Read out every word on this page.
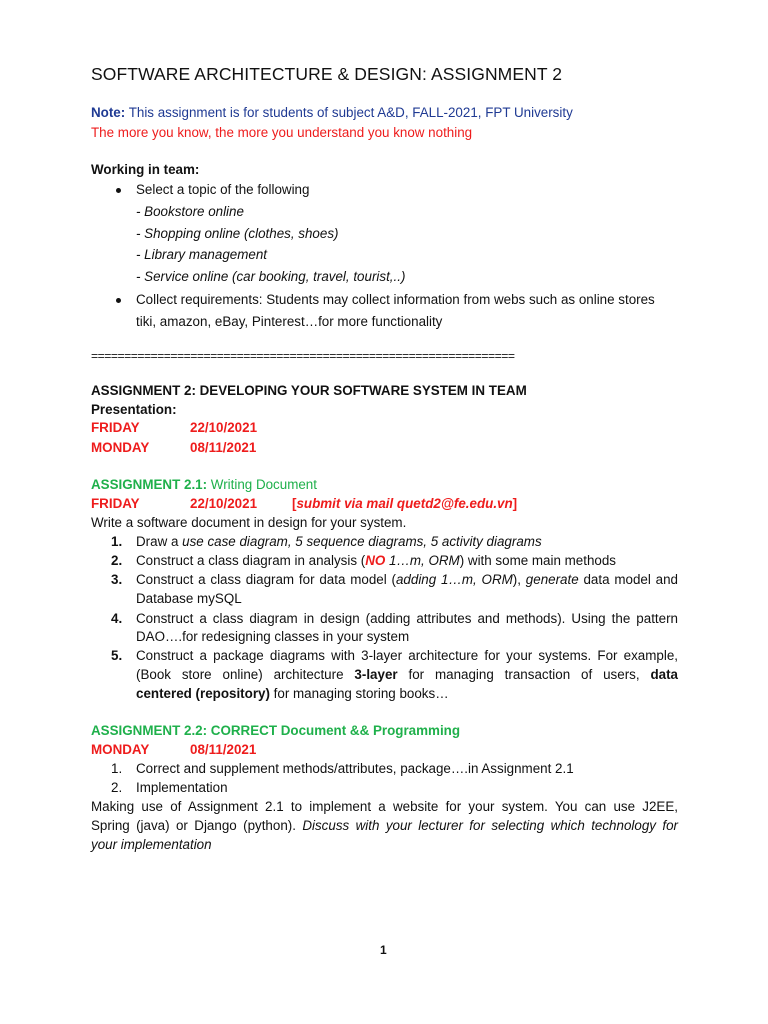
SOFTWARE ARCHITECTURE & DESIGN: ASSIGNMENT 2
Note: This assignment is for students of subject A&D, FALL-2021, FPT University
The more you know, the more you understand you know nothing
Working in team:
Select a topic of the following
- Bookstore online
- Shopping online (clothes, shoes)
- Library management
- Service online (car booking, travel, tourist,..)
Collect requirements: Students may collect information from webs such as online stores
tiki, amazon, eBay, Pinterest…for more functionality
================================================================
ASSIGNMENT 2: DEVELOPING YOUR SOFTWARE SYSTEM IN TEAM
Presentation:
FRIDAY	22/10/2021
MONDAY	08/11/2021
ASSIGNMENT 2.1: Writing Document
FRIDAY	22/10/2021	[submit via mail quetd2@fe.edu.vn]
Write a software document in design for your system.
1. Draw a use case diagram, 5 sequence diagrams, 5 activity diagrams
2. Construct a class diagram in analysis (NO 1…m, ORM) with some main methods
3. Construct a class diagram for data model (adding 1…m, ORM), generate data model and
Database mySQL
4. Construct a class diagram in design (adding attributes and methods). Using the pattern
DAO….for redesigning classes in your system
5. Construct a package diagrams with 3-layer architecture for your systems. For example,
(Book store online) architecture 3-layer for managing transaction of users, data
centered (repository) for managing storing books…
ASSIGNMENT 2.2: CORRECT Document && Programming
MONDAY	08/11/2021
1. Correct and supplement methods/attributes, package….in Assignment 2.1
2. Implementation
Making use of Assignment 2.1 to implement a website for your system. You can use J2EE,
Spring (java) or Django (python). Discuss with your lecturer for selecting which technology for
your implementation
1
